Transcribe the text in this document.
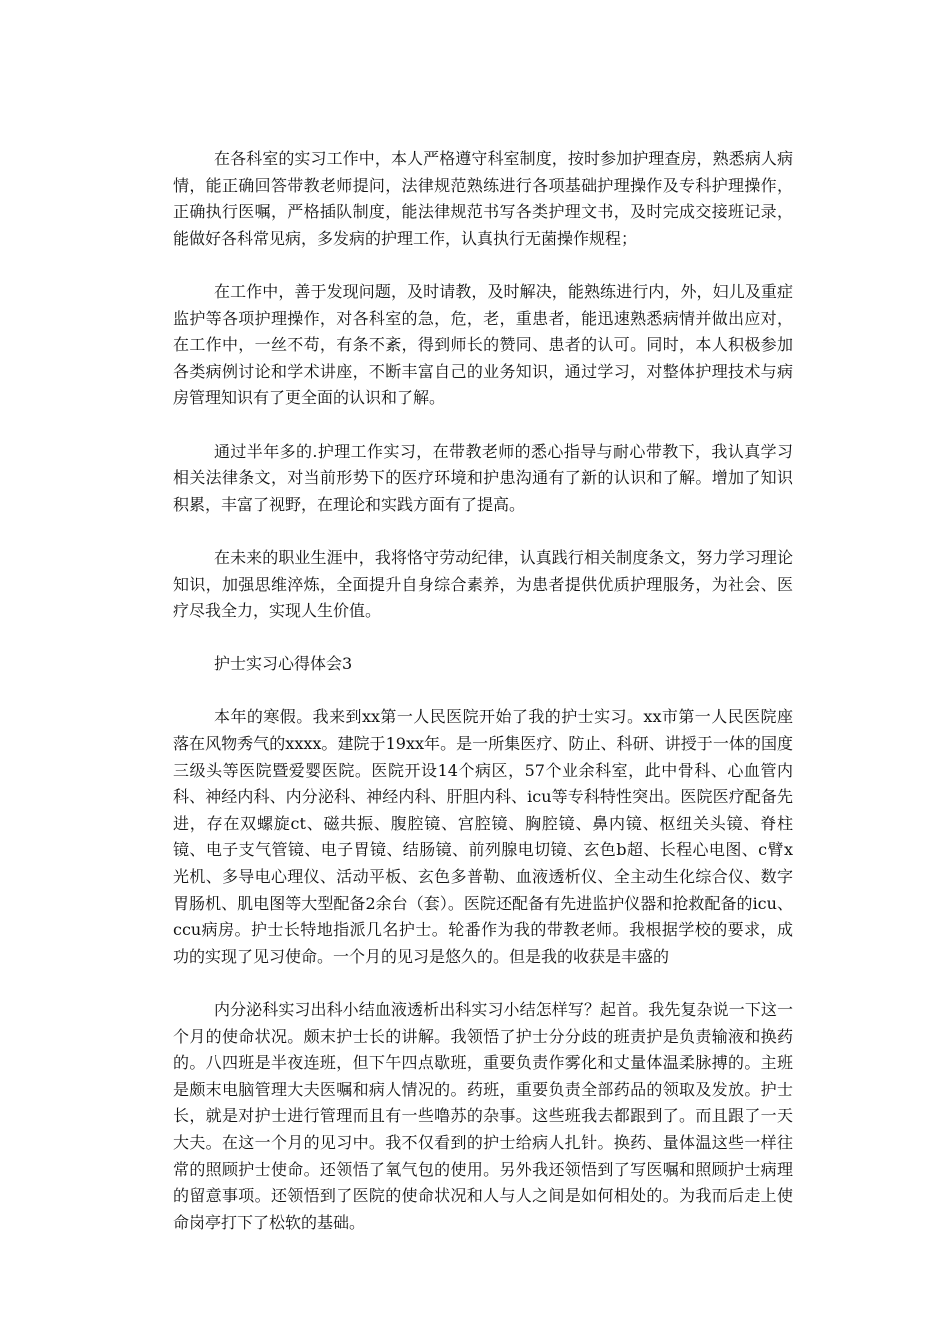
在各科室的实习工作中，本人严格遵守科室制度，按时参加护理查房，熟悉病人病情，能正确回答带教老师提问，法律规范熟练进行各项基础护理操作及专科护理操作，正确执行医嘱，严格插队制度，能法律规范书写各类护理文书，及时完成交接班记录，能做好各科常见病，多发病的护理工作，认真执行无菌操作规程；

在工作中，善于发现问题，及时请教，及时解决，能熟练进行内，外，妇儿及重症监护等各项护理操作，对各科室的急，危，老，重患者，能迅速熟悉病情并做出应对，在工作中，一丝不苟，有条不紊，得到师长的赞同、患者的认可。同时，本人积极参加各类病例讨论和学术讲座，不断丰富自己的业务知识，通过学习，对整体护理技术与病房管理知识有了更全面的认识和了解。

通过半年多的.护理工作实习，在带教老师的悉心指导与耐心带教下，我认真学习相关法律条文，对当前形势下的医疗环境和护患沟通有了新的认识和了解。增加了知识积累，丰富了视野，在理论和实践方面有了提高。

在未来的职业生涯中，我将恪守劳动纪律，认真践行相关制度条文，努力学习理论知识，加强思维淬炼，全面提升自身综合素养，为患者提供优质护理服务，为社会、医疗尽我全力，实现人生价值。

护士实习心得体会3

本年的寒假。我来到xx第一人民医院开始了我的护士实习。xx市第一人民医院座落在风物秀气的xxxx。建院于19xx年。是一所集医疗、防止、科研、讲授于一体的国度三级头等医院暨爱婴医院。医院开设14个病区，57个业余科室，此中骨科、心血管内科、神经内科、内分泌科、神经内科、肝胆内科、icu等专科特性突出。医院医疗配备先进，存在双螺旋ct、磁共振、腹腔镜、宫腔镜、胸腔镜、鼻内镜、枢纽关头镜、脊柱镜、电子支气管镜、电子胃镜、结肠镜、前列腺电切镜、玄色b超、长程心电图、c臂x光机、多导电心理仪、活动平板、玄色多普勒、血液透析仪、全主动生化综合仪、数字胃肠机、肌电图等大型配备2余台（套）。医院还配备有先进监护仪器和抢救配备的icu、ccu病房。护士长特地指派几名护士。轮番作为我的带教老师。我根据学校的要求，成功的实现了见习使命。一个月的见习是悠久的。但是我的收获是丰盛的

内分泌科实习出科小结血液透析出科实习小结怎样写？起首。我先复杂说一下这一个月的使命状况。颇末护士长的讲解。我领悟了护士分分歧的班责护是负责输液和换药的。八四班是半夜连班，但下午四点歇班，重要负责作雾化和丈量体温柔脉搏的。主班是颇末电脑管理大夫医嘱和病人情况的。药班，重要负责全部药品的领取及发放。护士长，就是对护士进行管理而且有一些噜苏的杂事。这些班我去都跟到了。而且跟了一天大夫。在这一个月的见习中。我不仅看到的护士给病人扎针。换药、量体温这些一样往常的照顾护士使命。还领悟了氧气包的使用。另外我还领悟到了写医嘱和照顾护士病理的留意事项。还领悟到了医院的使命状况和人与人之间是如何相处的。为我而后走上使命岗亭打下了松软的基础。
